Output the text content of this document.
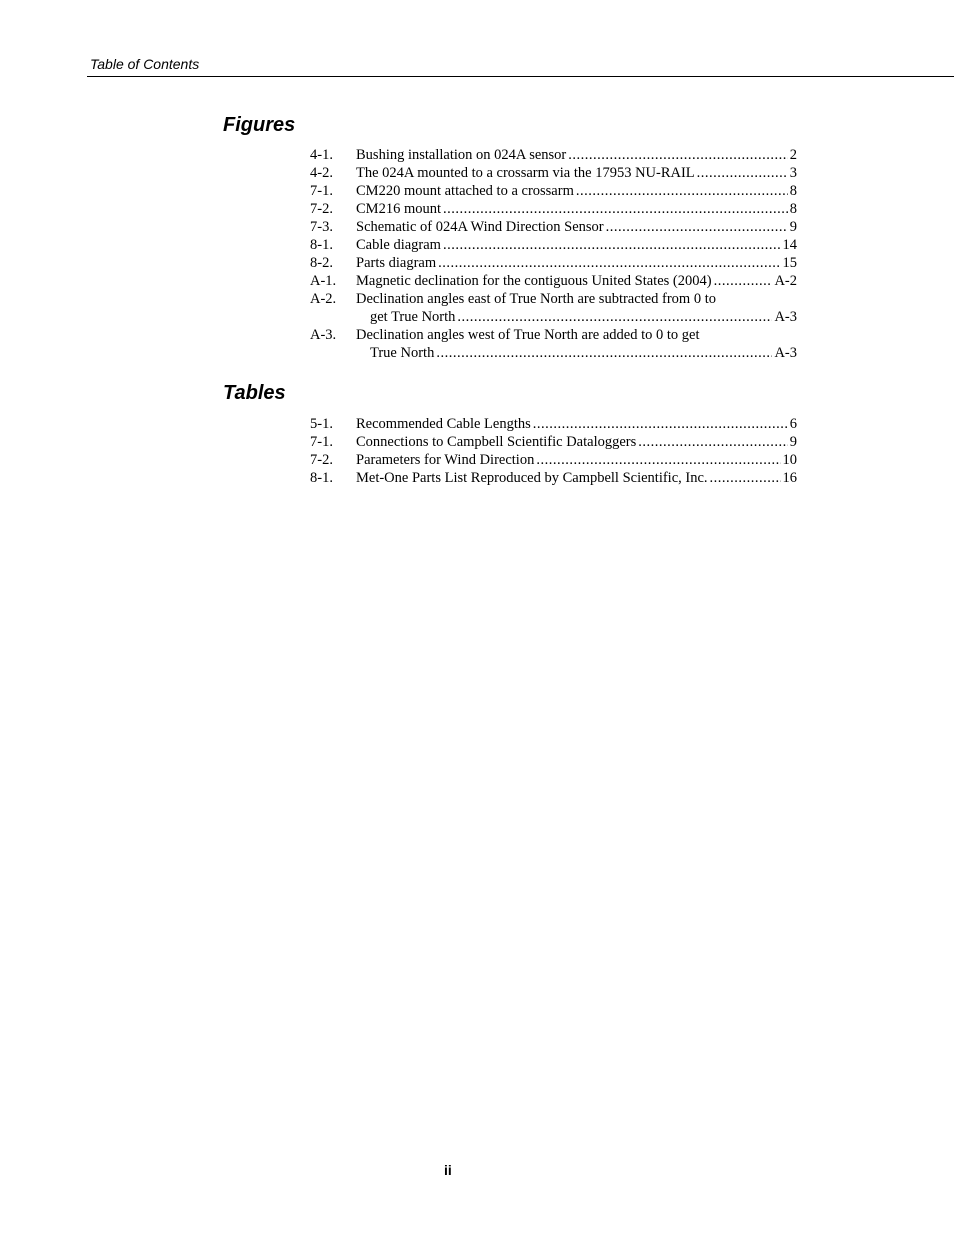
Table of Contents
Figures
4-1.	Bushing installation on 024A sensor .....	2
4-2.	The 024A mounted to a crossarm via the 17953 NU-RAIL .....	3
7-1.	CM220 mount attached to a crossarm .....	8
7-2.	CM216 mount .....	8
7-3.	Schematic of 024A Wind Direction Sensor .....	9
8-1.	Cable diagram .....	14
8-2.	Parts diagram .....	15
A-1.	Magnetic declination for the contiguous United States (2004) .....	A-2
A-2.	Declination angles east of True North are subtracted from 0 to
get True North .....	A-3
A-3.	Declination angles west of True North are added to 0 to get
True North .....	A-3
Tables
5-1.	Recommended Cable Lengths .....	6
7-1.	Connections to Campbell Scientific Dataloggers .....	9
7-2.	Parameters for Wind Direction .....	10
8-1.	Met-One Parts List Reproduced by Campbell Scientific, Inc. .....	16
ii
